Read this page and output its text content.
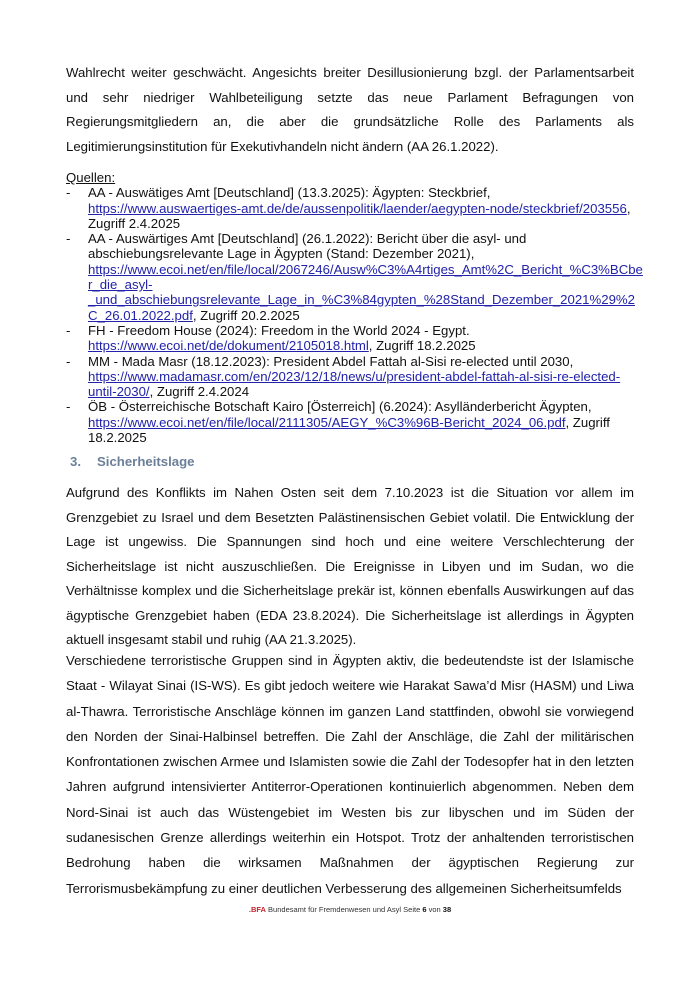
Wahlrecht weiter geschwächt. Angesichts breiter Desillusionierung bzgl. der Parlamentsarbeit
und sehr niedriger Wahlbeteiligung setzte das neue Parlament Befragungen von
Regierungsmitgliedern an, die aber die grundsätzliche Rolle des Parlaments als
Legitimierungsinstitution für Exekutivhandeln nicht ändern (AA 26.1.2022).
Quellen:
- AA - Auswätiges Amt [Deutschland] (13.3.2025): Ägypten: Steckbrief,
https://www.auswaertiges-amt.de/de/aussenpolitik/laender/aegypten-node/steckbrief/203556,
Zugriff 2.4.2025
- AA - Auswärtiges Amt [Deutschland] (26.1.2022): Bericht über die asyl- und
abschiebungsrelevante Lage in Ägypten (Stand: Dezember 2021),
https://www.ecoi.net/en/file/local/2067246/Ausw%C3%A4rtiges_Amt%2C_Bericht_%C3%BCbe
r_die_asyl-
_und_abschiebungsrelevante_Lage_in_%C3%84gypten_%28Stand_Dezember_2021%29%2
C_26.01.2022.pdf, Zugriff 20.2.2025
- FH - Freedom House (2024): Freedom in the World 2024 - Egypt.
https://www.ecoi.net/de/dokument/2105018.html, Zugriff 18.2.2025
- MM - Mada Masr (18.12.2023): President Abdel Fattah al-Sisi re-elected until 2030,
https://www.madamasr.com/en/2023/12/18/news/u/president-abdel-fattah-al-sisi-re-elected-
until-2030/, Zugriff 2.4.2024
- ÖB - Österreichische Botschaft Kairo [Österreich] (6.2024): Asylländerbericht Ägypten,
https://www.ecoi.net/en/file/local/2111305/AEGY_%C3%96B-Bericht_2024_06.pdf, Zugriff
18.2.2025
3. Sicherheitslage
Aufgrund des Konflikts im Nahen Osten seit dem 7.10.2023 ist die Situation vor allem im
Grenzgebiet zu Israel und dem Besetzten Palästinensischen Gebiet volatil. Die Entwicklung der
Lage ist ungewiss. Die Spannungen sind hoch und eine weitere Verschlechterung der
Sicherheitslage ist nicht auszuschließen. Die Ereignisse in Libyen und im Sudan, wo die
Verhältnisse komplex und die Sicherheitslage prekär ist, können ebenfalls Auswirkungen auf das
ägyptische Grenzgebiet haben (EDA 23.8.2024). Die Sicherheitslage ist allerdings in Ägypten
aktuell insgesamt stabil und ruhig (AA 21.3.2025).
Verschiedene terroristische Gruppen sind in Ägypten aktiv, die bedeutendste ist der Islamische
Staat - Wilayat Sinai (IS-WS). Es gibt jedoch weitere wie Harakat Sawa’d Misr (HASM) und Liwa
al-Thawra. Terroristische Anschläge können im ganzen Land stattfinden, obwohl sie vorwiegend
den Norden der Sinai-Halbinsel betreffen. Die Zahl der Anschläge, die Zahl der militärischen
Konfrontationen zwischen Armee und Islamisten sowie die Zahl der Todesopfer hat in den letzten
Jahren aufgrund intensivierter Antiterror-Operationen kontinuierlich abgenommen. Neben dem
Nord-Sinai ist auch das Wüstengebiet im Westen bis zur libyschen und im Süden der
sudanesischen Grenze allerdings weiterhin ein Hotspot. Trotz der anhaltenden terroristischen
Bedrohung haben die wirksamen Maßnahmen der ägyptischen Regierung zur
Terrorismusbekämpfung zu einer deutlichen Verbesserung des allgemeinen Sicherheitsumfelds
.BFA Bundesamt für Fremdenwesen und Asyl Seite 6 von 38
